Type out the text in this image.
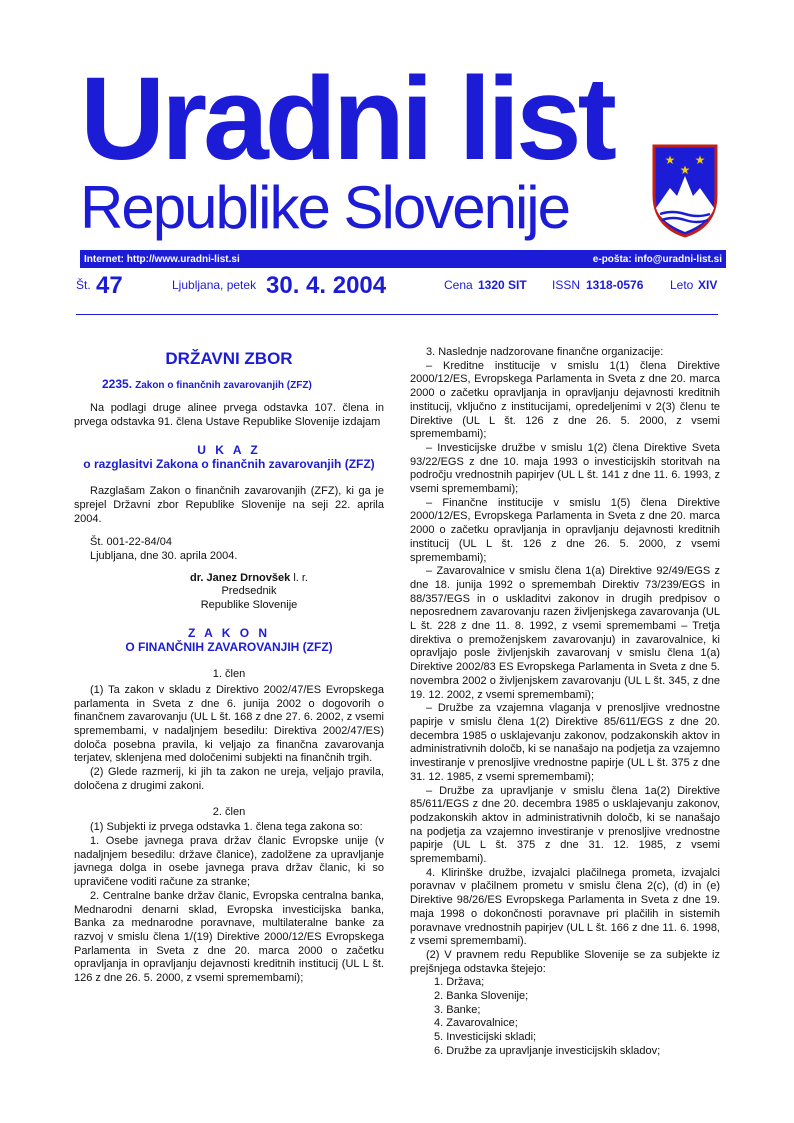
Uradni list
Republike Slovenije
★ ★
★
Internet: http://www.uradni-list.si	e-pošta: info@uradni-list.si
Št. 47	Ljubljana, petek 30. 4. 2004	Cena 1320 SIT ISSN 1318-0576 Leto XIV
DRŽAVNI ZBOR

2235. Zakon o finančnih zavarovanjih (ZFZ)

Na podlagi druge alinee prvega odstavka 107. člena in prvega odstavka 91. člena Ustave Republike Slovenije izdajam

U K A Z
o razglasitvi Zakona o finančnih zavarovanjih (ZFZ)

Razglašam Zakon o finančnih zavarovanjih (ZFZ), ki ga je sprejel Državni zbor Republike Slovenije na seji 22. aprila 2004.

Št. 001-22-84/04

Ljubljana, dne 30. aprila 2004.

dr. Janez Drnovšek l. r.
Predsednik
Republike Slovenije
Z A K O N
O FINANČNIH ZAVAROVANJIH (ZFZ)
1. člen

(1) Ta zakon v skladu z Direktivo 2002/47/ES Evropskega parlamenta in Sveta z dne 6. junija 2002 o dogovorih o finančnem zavarovanju (UL L št. 168 z dne 27. 6. 2002, z vsemi spremembami, v nadaljnjem besedilu: Direktiva 2002/47/ES) določa posebna pravila, ki veljajo za finančna zavarovanja terjatev, sklenjena med določenimi subjekti na finančnih trgih.

(2) Glede razmerij, ki jih ta zakon ne ureja, veljajo pravila, določena z drugimi zakoni.

2. člen

(1) Subjekti iz prvega odstavka 1. člena tega zakona so:

1. Osebe javnega prava držav članic Evropske unije (v nadaljnjem besedilu: države članice), zadolžene za upravljanje javnega dolga in osebe javnega prava držav članic, ki so upravičene voditi račune za stranke;

2. Centralne banke držav članic, Evropska centralna banka, Mednarodni denarni sklad, Evropska investicijska banka, Banka za mednarodne poravnave, multilateralne banke za razvoj v smislu člena 1/(19) Direktive 2000/12/ES Evropskega Parlamenta in Sveta z dne 20. marca 2000 o začetku opravljanja in opravljanju dejavnosti kreditnih institucij (UL L št. 126 z dne 26. 5. 2000, z vsemi spremembami);

3. Naslednje nadzorovane finančne organizacije:

– Kreditne institucije v smislu 1(1) člena Direktive 2000/12/ES, Evropskega Parlamenta in Sveta z dne 20. marca 2000 o začetku opravljanja in opravljanju dejavnosti kreditnih institucij, vključno z institucijami, opredeljenimi v 2(3) členu te Direktive (UL L št. 126 z dne 26. 5. 2000, z vsemi spremembami);

– Investicijske družbe v smislu 1(2) člena Direktive Sveta 93/22/EGS z dne 10. maja 1993 o investicijskih storitvah na področju vrednostnih papirjev (UL L št. 141 z dne 11. 6. 1993, z vsemi spremembami);

– Finančne institucije v smislu 1(5) člena Direktive 2000/12/ES, Evropskega Parlamenta in Sveta z dne 20. marca 2000 o začetku opravljanja in opravljanju dejavnosti kreditnih institucij (UL L št. 126 z dne 26. 5. 2000, z vsemi spremembami);

– Zavarovalnice v smislu člena 1(a) Direktive 92/49/EGS z dne 18. junija 1992 o spremembah Direktiv 73/239/EGS in 88/357/EGS in o uskladitvi zakonov in drugih predpisov o neposrednem zavarovanju razen življenjskega zavarovanja (UL L št. 228 z dne 11. 8. 1992, z vsemi spremembami – Tretja direktiva o premoženjskem zavarovanju) in zavarovalnice, ki opravljajo posle življenjskih zavarovanj v smislu člena 1(a) Direktive 2002/83 ES Evropskega Parlamenta in Sveta z dne 5. novembra 2002 o življenjskem zavarovanju (UL L št. 345, z dne 19. 12. 2002, z vsemi spremembami);

– Družbe za vzajemna vlaganja v prenosljive vrednostne papirje v smislu člena 1(2) Direktive 85/611/EGS z dne 20. decembra 1985 o usklajevanju zakonov, podzakonskih aktov in administrativnih določb, ki se nanašajo na podjetja za vzajemno investiranje v prenosljive vrednostne papirje (UL L št. 375 z dne 31. 12. 1985, z vsemi spremembami);

– Družbe za upravljanje v smislu člena 1a(2) Direktive 85/611/EGS z dne 20. decembra 1985 o usklajevanju zakonov, podzakonskih aktov in administrativnih določb, ki se nanašajo na podjetja za vzajemno investiranje v prenosljive vrednostne papirje (UL L št. 375 z dne 31. 12. 1985, z vsemi spremembami).

4. Klirinške družbe, izvajalci plačilnega prometa, izvajalci poravnav v plačilnem prometu v smislu člena 2(c), (d) in (e) Direktive 98/26/ES Evropskega Parlamenta in Sveta z dne 19. maja 1998 o dokončnosti poravnave pri plačilih in sistemih poravnave vrednostnih papirjev (UL L št. 166 z dne 11. 6. 1998, z vsemi spremembami).

(2) V pravnem redu Republike Slovenije se za subjekte iz prejšnjega odstavka štejejo:

1. Država;
2. Banka Slovenije;
3. Banke;
4. Zavarovalnice;
5. Investicijski skladi;
6. Družbe za upravljanje investicijskih skladov;
